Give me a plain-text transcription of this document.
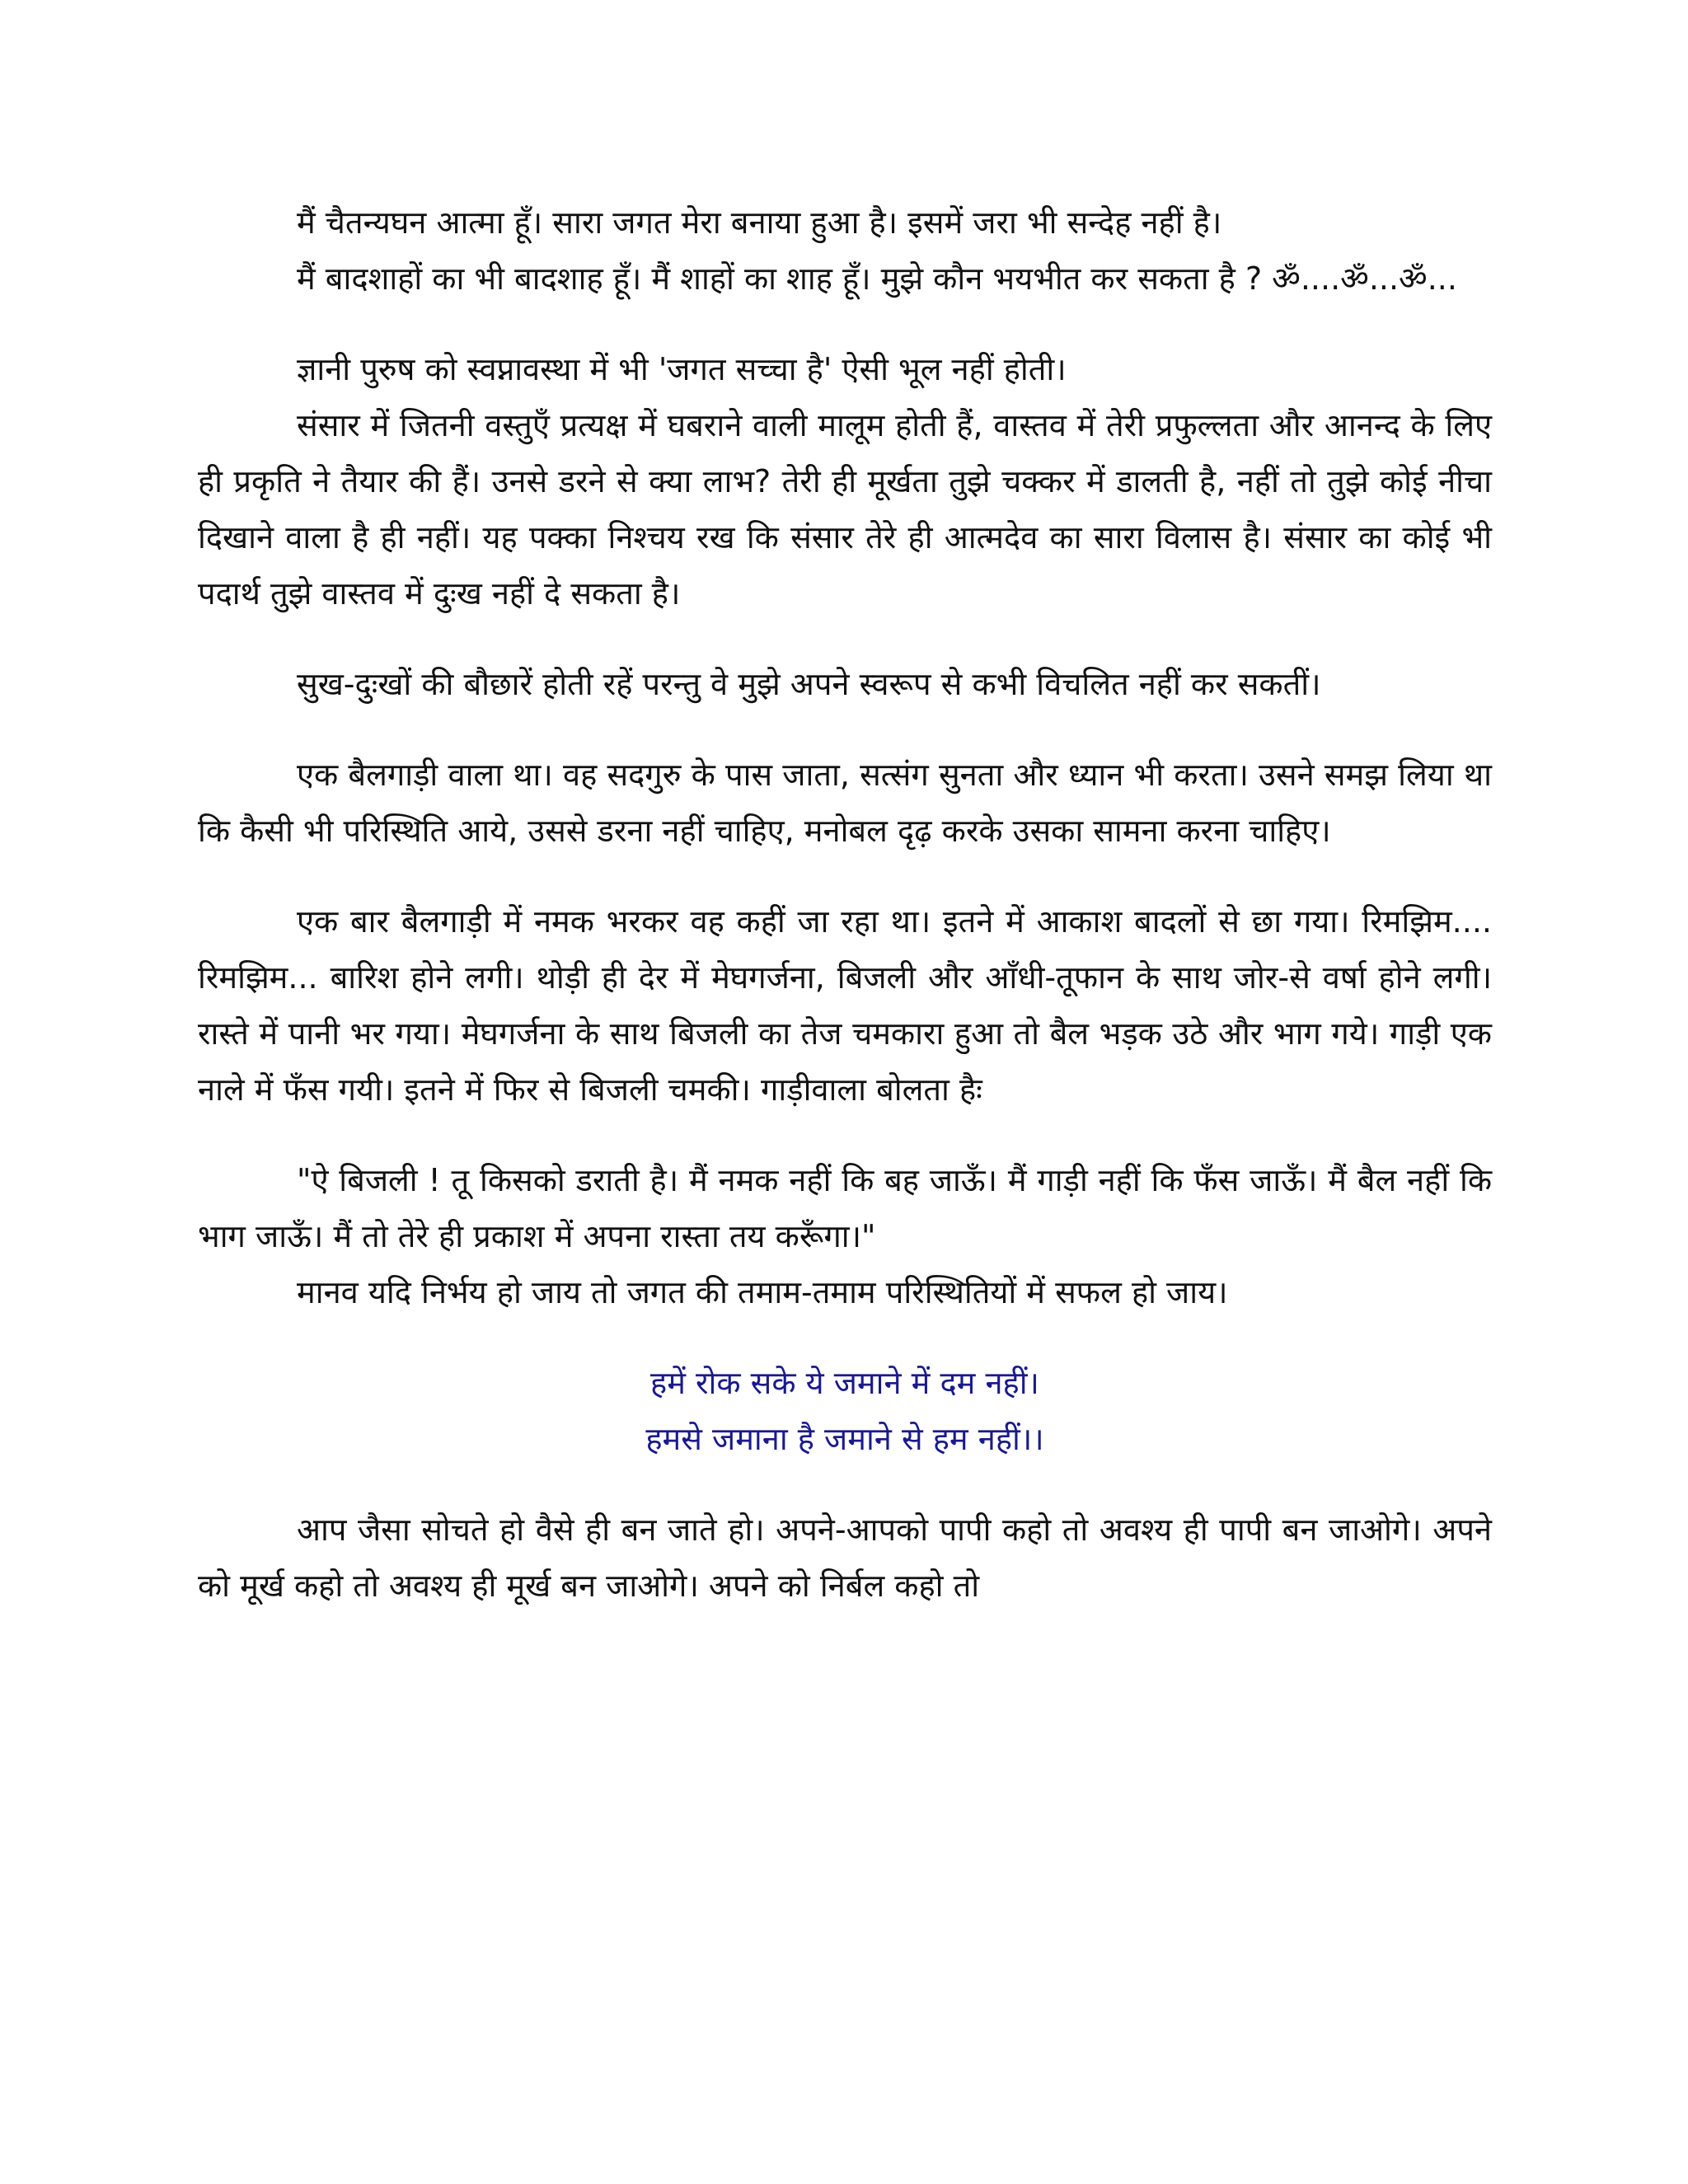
मैं चैतन्यघन आत्मा हूँ। सारा जगत मेरा बनाया हुआ है। इसमें जरा भी सन्देह नहीं है।

मैं बादशाहों का भी बादशाह हूँ। मैं शाहों का शाह हूँ। मुझे कौन भयभीत कर सकता है ? ॐ....ॐ...ॐ...

ज्ञानी पुरुष को स्वप्नावस्था में भी 'जगत सच्चा है' ऐसी भूल नहीं होती।

संसार में जितनी वस्तुएँ प्रत्यक्ष में घबराने वाली मालूम होती हैं, वास्तव में तेरी प्रफुल्लता और आनन्द के लिए ही प्रकृति ने तैयार की हैं। उनसे डरने से क्या लाभ? तेरी ही मूर्खता तुझे चक्कर में डालती है, नहीं तो तुझे कोई नीचा दिखाने वाला है ही नहीं। यह पक्का निश्चय रख कि संसार तेरे ही आत्मदेव का सारा विलास है। संसार का कोई भी पदार्थ तुझे वास्तव में दुःख नहीं दे सकता है।

सुख-दुःखों की बौछारें होती रहें परन्तु वे मुझे अपने स्वरूप से कभी विचलित नहीं कर सकतीं।

एक बैलगाड़ी वाला था। वह सदगुरु के पास जाता, सत्संग सुनता और ध्यान भी करता। उसने समझ लिया था कि कैसी भी परिस्थिति आये, उससे डरना नहीं चाहिए, मनोबल दृढ़ करके उसका सामना करना चाहिए।

एक बार बैलगाड़ी में नमक भरकर वह कहीं जा रहा था। इतने में आकाश बादलों से छा गया। रिमझिम.... रिमझिम... बारिश होने लगी। थोड़ी ही देर में मेघगर्जना, बिजली और आँधी-तूफान के साथ जोर-से वर्षा होने लगी। रास्ते में पानी भर गया। मेघगर्जना के साथ बिजली का तेज चमकारा हुआ तो बैल भड़क उठे और भाग गये। गाड़ी एक नाले में फँस गयी। इतने में फिर से बिजली चमकी। गाड़ीवाला बोलता हैः

"ऐ बिजली ! तू किसको डराती है। मैं नमक नहीं कि बह जाऊँ। मैं गाड़ी नहीं कि फँस जाऊँ। मैं बैल नहीं कि भाग जाऊँ। मैं तो तेरे ही प्रकाश में अपना रास्ता तय करूँगा।"

मानव यदि निर्भय हो जाय तो जगत की तमाम-तमाम परिस्थितियों में सफल हो जाय।

हमें रोक सके ये जमाने में दम नहीं।

हमसे जमाना है जमाने से हम नहीं।।

आप जैसा सोचते हो वैसे ही बन जाते हो। अपने-आपको पापी कहो तो अवश्य ही पापी बन जाओगे। अपने को मूर्ख कहो तो अवश्य ही मूर्ख बन जाओगे। अपने को निर्बल कहो तो
